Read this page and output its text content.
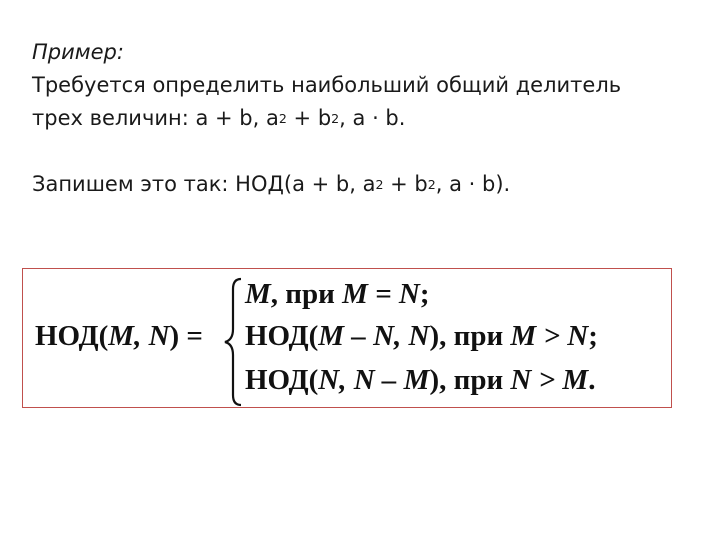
Пример:
Требуется определить наибольший общий делитель
трех величин: a + b, $a^2 + b^2$, a · b.
Запишем это так: НОД(a + b, $a^2 + b^2$, a · b).
НОД(M, N) =
M, при M = N;
НОД(M – N, N), при M > N;
НОД(N, N – M), при N > M.
